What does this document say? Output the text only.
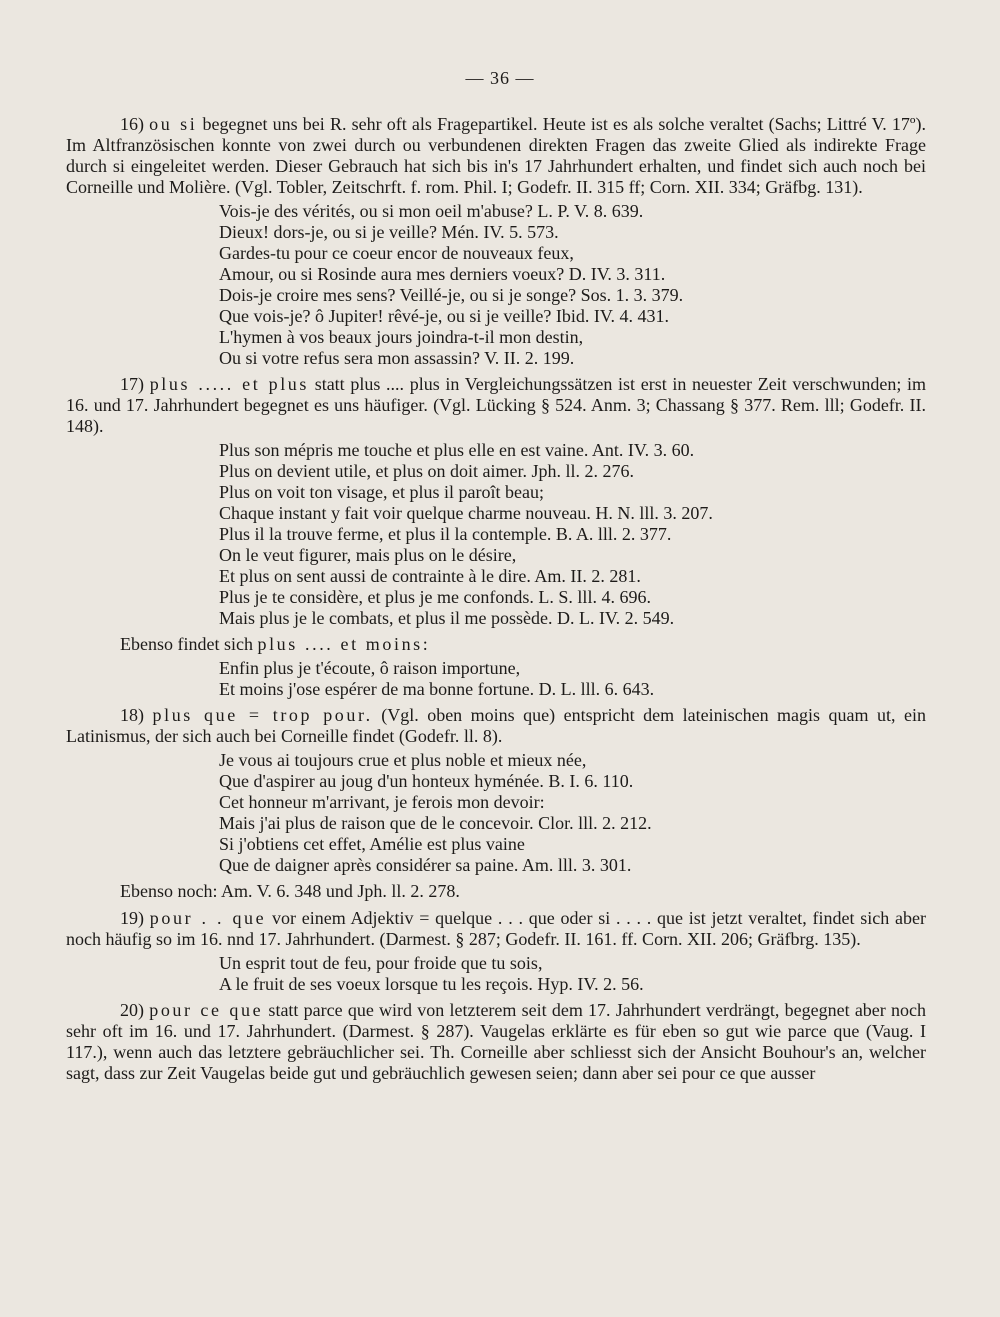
— 36 —

16) ou si begegnet uns bei R. sehr oft als Fragepartikel. Heute ist es als solche veraltet (Sachs; Littré V. 17º). Im Altfranzösischen konnte von zwei durch ou verbundenen direkten Fragen das zweite Glied als indirekte Frage durch si eingeleitet werden. Dieser Gebrauch hat sich bis in's 17 Jahrhundert erhalten, und findet sich auch noch bei Corneille und Molière. (Vgl. Tobler, Zeitschrft. f. rom. Phil. I; Godefr. II. 315 ff; Corn. XII. 334; Gräfbg. 131).

Vois-je des vérités, ou si mon oeil m'abuse? L. P. V. 8. 639.
Dieux! dors-je, ou si je veille? Mén. IV. 5. 573.
Gardes-tu pour ce coeur encor de nouveaux feux,
Amour, ou si Rosinde aura mes derniers voeux? D. IV. 3. 311.
Dois-je croire mes sens? Veillé-je, ou si je songe? Sos. 1. 3. 379.
Que vois-je? ô Jupiter! rêvé-je, ou si je veille? Ibid. IV. 4. 431.
L'hymen à vos beaux jours joindra-t-il mon destin,
Ou si votre refus sera mon assassin? V. II. 2. 199.

17) plus ..... et plus statt plus .... plus in Vergleichungssätzen ist erst in neuester Zeit verschwunden; im 16. und 17. Jahrhundert begegnet es uns häufiger. (Vgl. Lücking § 524. Anm. 3; Chassang § 377. Rem. lll; Godefr. II. 148).

Plus son mépris me touche et plus elle en est vaine. Ant. IV. 3. 60.
Plus on devient utile, et plus on doit aimer. Jph. ll. 2. 276.
Plus on voit ton visage, et plus il paroît beau;
Chaque instant y fait voir quelque charme nouveau. H. N. lll. 3. 207.
Plus il la trouve ferme, et plus il la contemple. B. A. lll. 2. 377.
On le veut figurer, mais plus on le désire,
Et plus on sent aussi de contrainte à le dire. Am. II. 2. 281.
Plus je te considère, et plus je me confonds. L. S. lll. 4. 696.
Mais plus je le combats, et plus il me possède. D. L. IV. 2. 549.

Ebenso findet sich plus .... et moins:

Enfin plus je t'écoute, ô raison importune,
Et moins j'ose espérer de ma bonne fortune. D. L. lll. 6. 643.

18) plus que = trop pour. (Vgl. oben moins que) entspricht dem lateinischen magis quam ut, ein Latinismus, der sich auch bei Corneille findet (Godefr. ll. 8).

Je vous ai toujours crue et plus noble et mieux née,
Que d'aspirer au joug d'un honteux hyménée. B. I. 6. 110.
Cet honneur m'arrivant, je ferois mon devoir:
Mais j'ai plus de raison que de le concevoir. Clor. lll. 2. 212.
Si j'obtiens cet effet, Amélie est plus vaine
Que de daigner après considérer sa paine. Am. lll. 3. 301.

Ebenso noch: Am. V. 6. 348 und Jph. ll. 2. 278.

19) pour . . que vor einem Adjektiv = quelque . . . que oder si . . . . que ist jetzt veraltet, findet sich aber noch häufig so im 16. nnd 17. Jahrhundert. (Darmest. § 287; Godefr. II. 161. ff. Corn. XII. 206; Gräfbrg. 135).

Un esprit tout de feu, pour froide que tu sois,
A le fruit de ses voeux lorsque tu les reçois. Hyp. IV. 2. 56.

20) pour ce que statt parce que wird von letzterem seit dem 17. Jahrhundert verdrängt, begegnet aber noch sehr oft im 16. und 17. Jahrhundert. (Darmest. § 287). Vaugelas erklärte es für eben so gut wie parce que (Vaug. I 117.), wenn auch das letztere gebräuchlicher sei. Th. Corneille aber schliesst sich der Ansicht Bouhour's an, welcher sagt, dass zur Zeit Vaugelas beide gut und gebräuchlich gewesen seien; dann aber sei pour ce que ausser
